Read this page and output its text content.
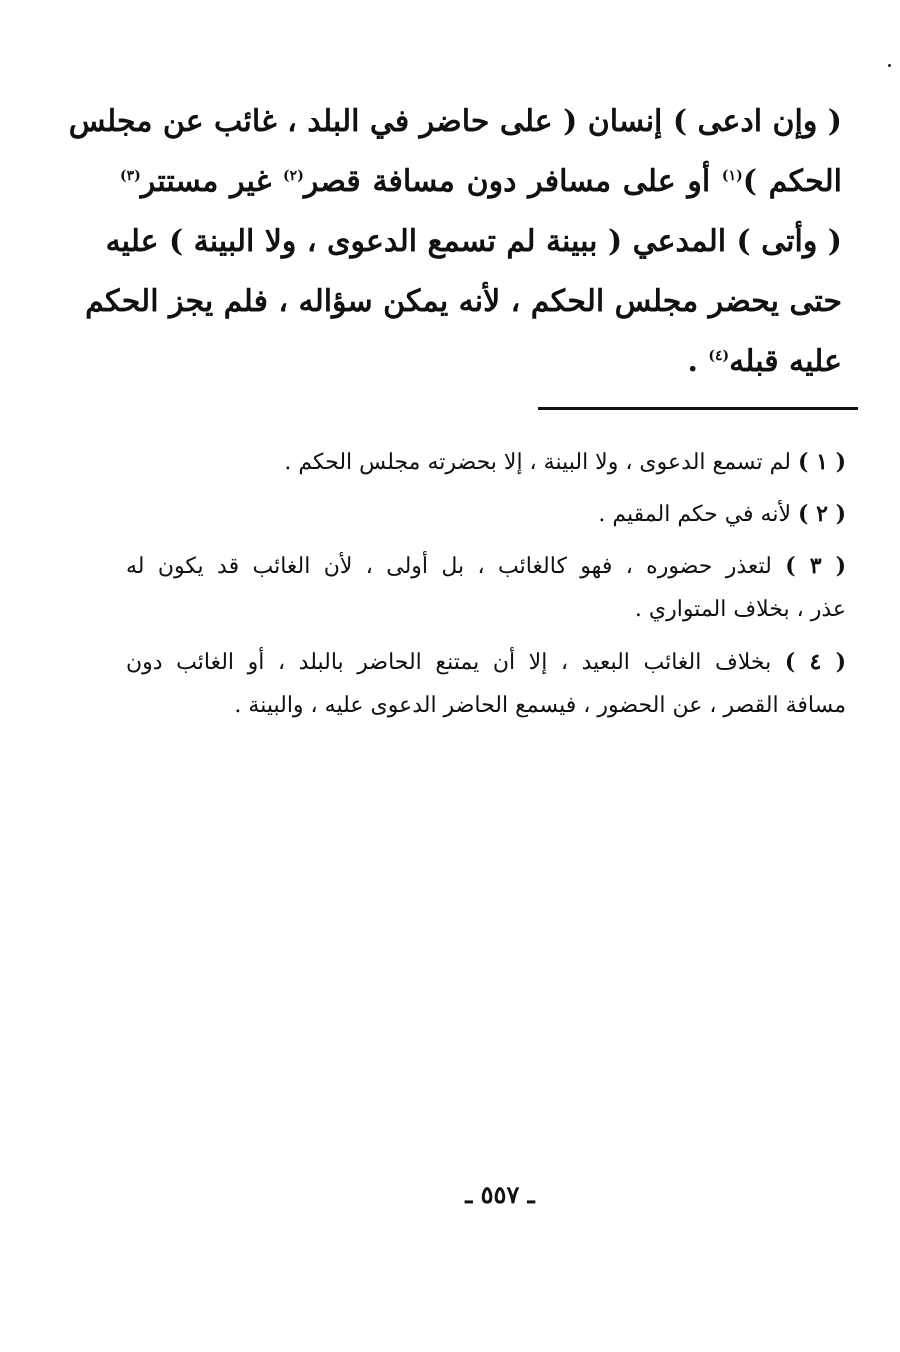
( وإن ادعى ) إنسان ( على حاضر في البلد ، غائب عن مجلس
الحكم )$^{(١)}$ أو على مسافر دون مسافة قصر$^{(٢)}$ غير مستتر$^{(٣)}$
( وأتى ) المدعي ( ببينة لم تسمع الدعوى ، ولا البينة ) عليه
حتى يحضر مجلس الحكم ، لأنه يمكن سؤاله ، فلم يجز الحكم
عليه قبله$^{(٤)}$ .
( ١ ) لم تسمع الدعوى ، ولا البينة ، إلا بحضرته مجلس الحكم .
( ٢ ) لأنه في حكم المقيم .
( ٣ ) لتعذر حضوره ، فهو كالغائب ، بل أولى ، لأن الغائب قد يكون له
عذر ، بخلاف المتواري .
( ٤ ) بخلاف الغائب البعيد ، إلا أن يمتنع الحاضر بالبلد ، أو الغائب دون
مسافة القصر ، عن الحضور ، فيسمع الحاضر الدعوى عليه ، والبينة .
ـ ٥٥٧ ـ
